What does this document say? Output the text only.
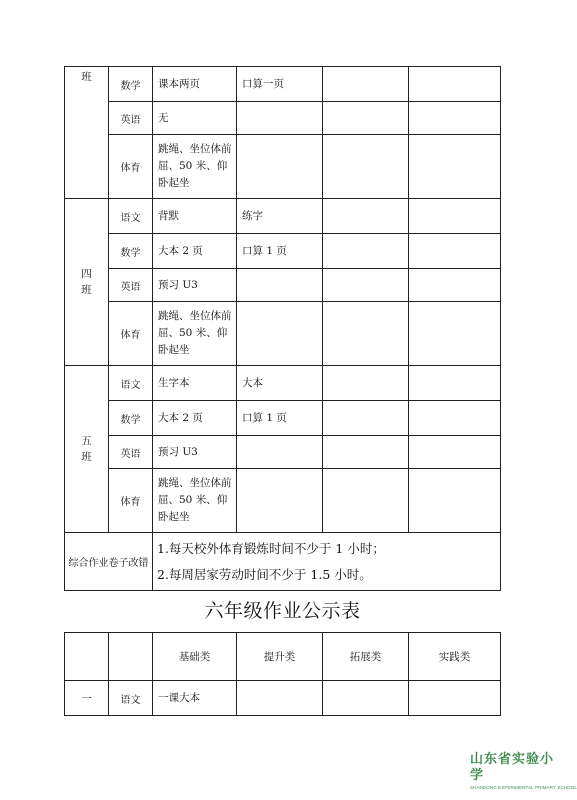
班	数学	课本两页	口算一页		
	英语	无			
	体育	跳绳、坐位体前屈、50 米、仰卧起坐			
四班	语文	背默	练字		
	数学	大本 2 页	口算 1 页		
	英语	预习 U3			
	体育	跳绳、坐位体前屈、50 米、仰卧起坐			
五班	语文	生字本	大本		
	数学	大本 2 页	口算 1 页		
	英语	预习 U3			
	体育	跳绳、坐位体前屈、50 米、仰卧起坐			
综合作业卷子改错		1.每天校外体育锻炼时间不少于 1 小时；
2.每周居家劳动时间不少于 1.5 小时。			
六年级作业公示表
		基础类	提升类	拓展类	实践类
一	语文	一课大本			
山东省实验小学
SHANDONG EXPERIMENTAL PRIMARY SCHOOL
